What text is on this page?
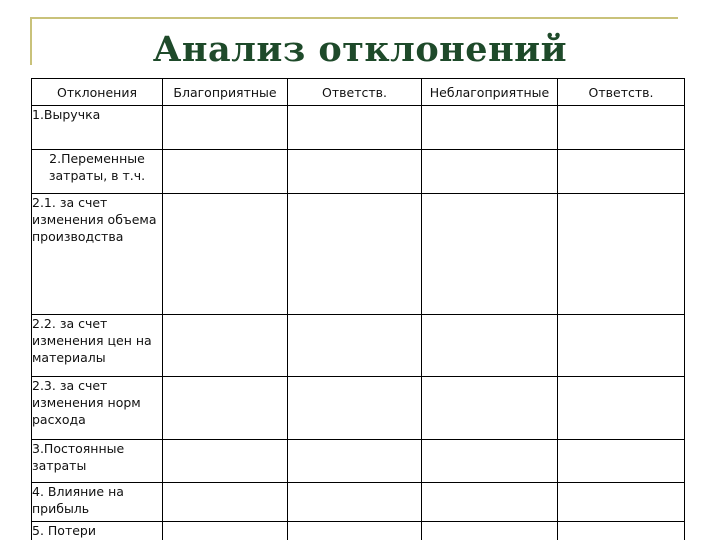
Анализ отклонений
Отклонения	Благоприятные	Ответств.	Неблагоприятные	Ответств.
1.Выручка				
2.Переменные затраты, в т.ч.				
2.1. за счет изменения объема производства				
2.2. за счет изменения цен на материалы				
2.3. за счет изменения норм расхода				
3.Постоянные затраты				
4. Влияние на прибыль				
5. Потери				
